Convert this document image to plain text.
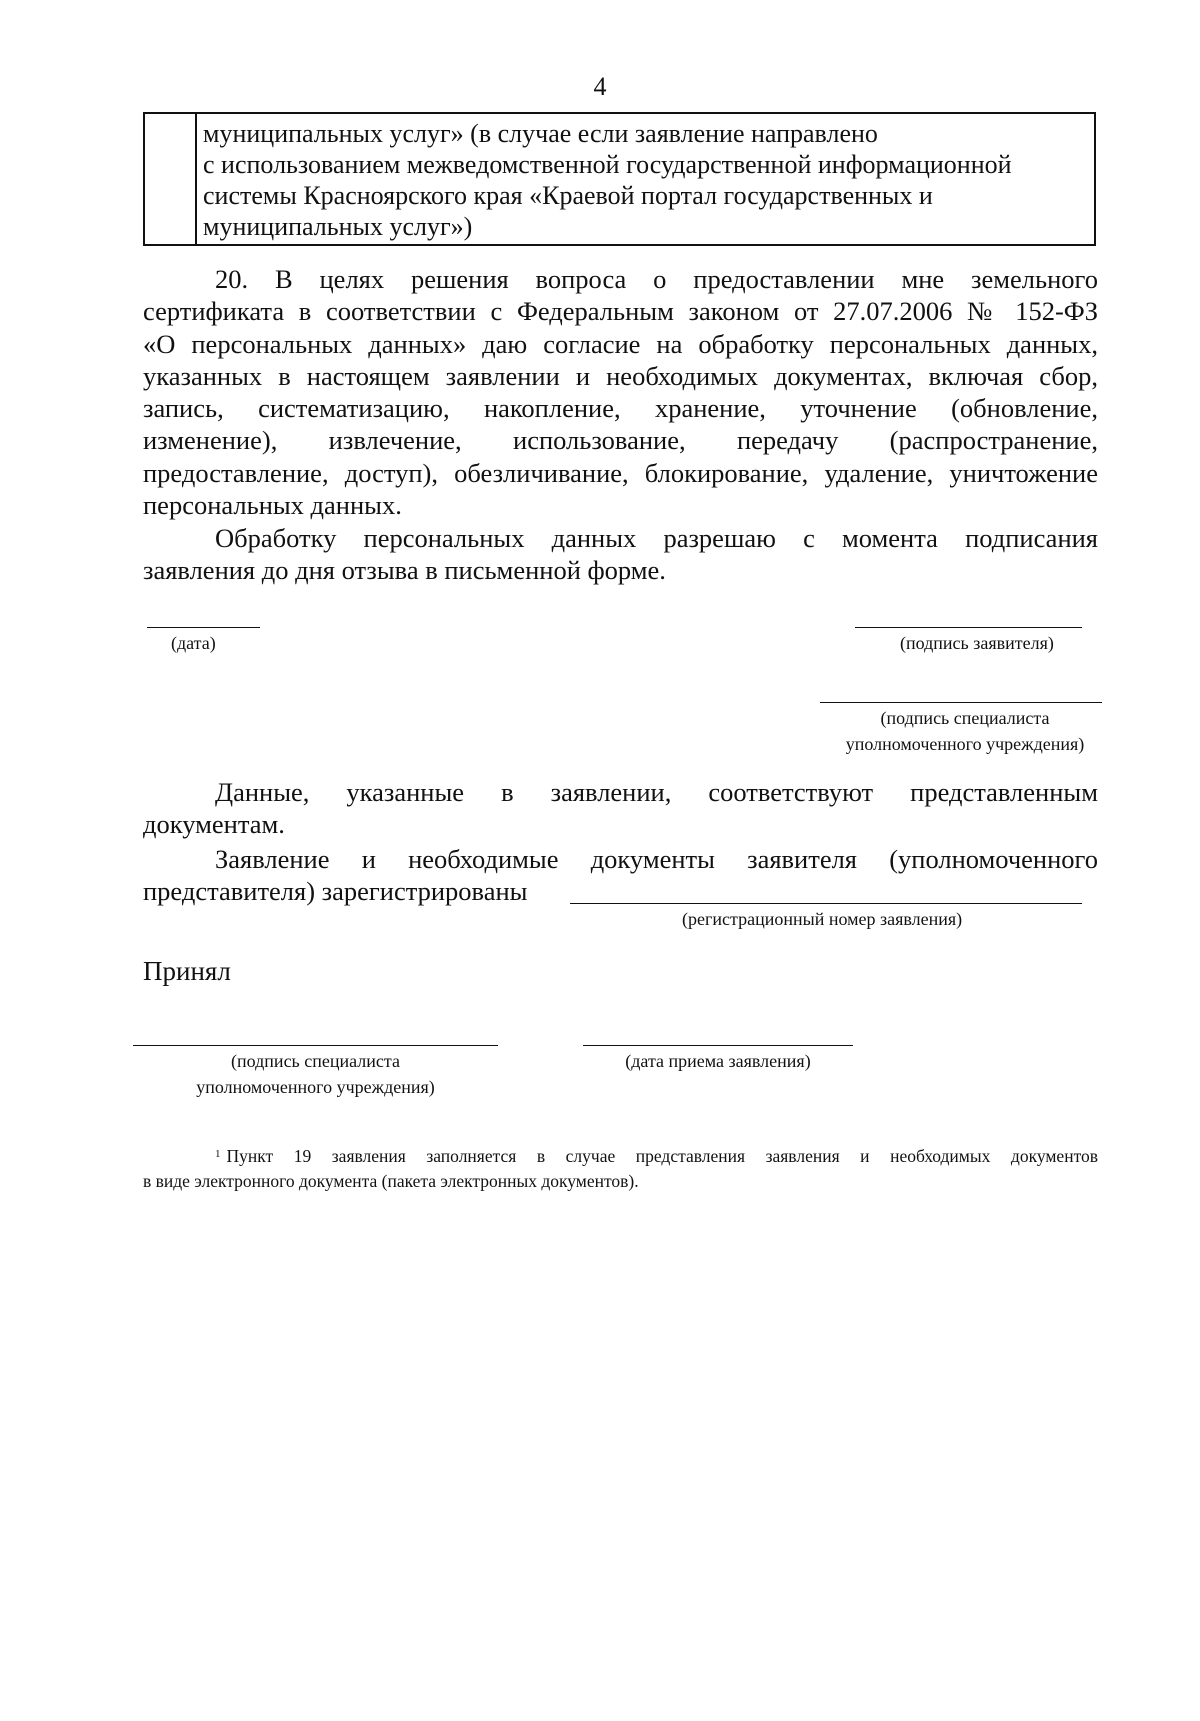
4
муниципальных услуг» (в случае если заявление направлено
с использованием межведомственной государственной информационной
системы Красноярского края «Краевой портал государственных и
муниципальных услуг»)
20. В целях решения вопроса о предоставлении мне земельного
сертификата в соответствии с Федеральным законом от 27.07.2006 № 152-ФЗ
«О персональных данных» даю согласие на обработку персональных данных,
указанных в настоящем заявлении и необходимых документах, включая сбор,
запись, систематизацию, накопление, хранение, уточнение (обновление,
изменение), извлечение, использование, передачу (распространение,
предоставление, доступ), обезличивание, блокирование, удаление, уничтожение
персональных данных.
Обработку персональных данных разрешаю с момента подписания
заявления до дня отзыва в письменной форме.
(дата)	(подпись заявителя)
(подпись специалиста
уполномоченного учреждения)
Данные, указанные в заявлении, соответствуют представленным
документам.
Заявление и необходимые документы заявителя (уполномоченного
представителя) зарегистрированы
(регистрационный номер заявления)
Принял
(подпись специалиста
уполномоченного учреждения)
(дата приема заявления)
$^1$ Пункт 19 заявления заполняется в случае представления заявления и необходимых документов
в виде электронного документа (пакета электронных документов).
